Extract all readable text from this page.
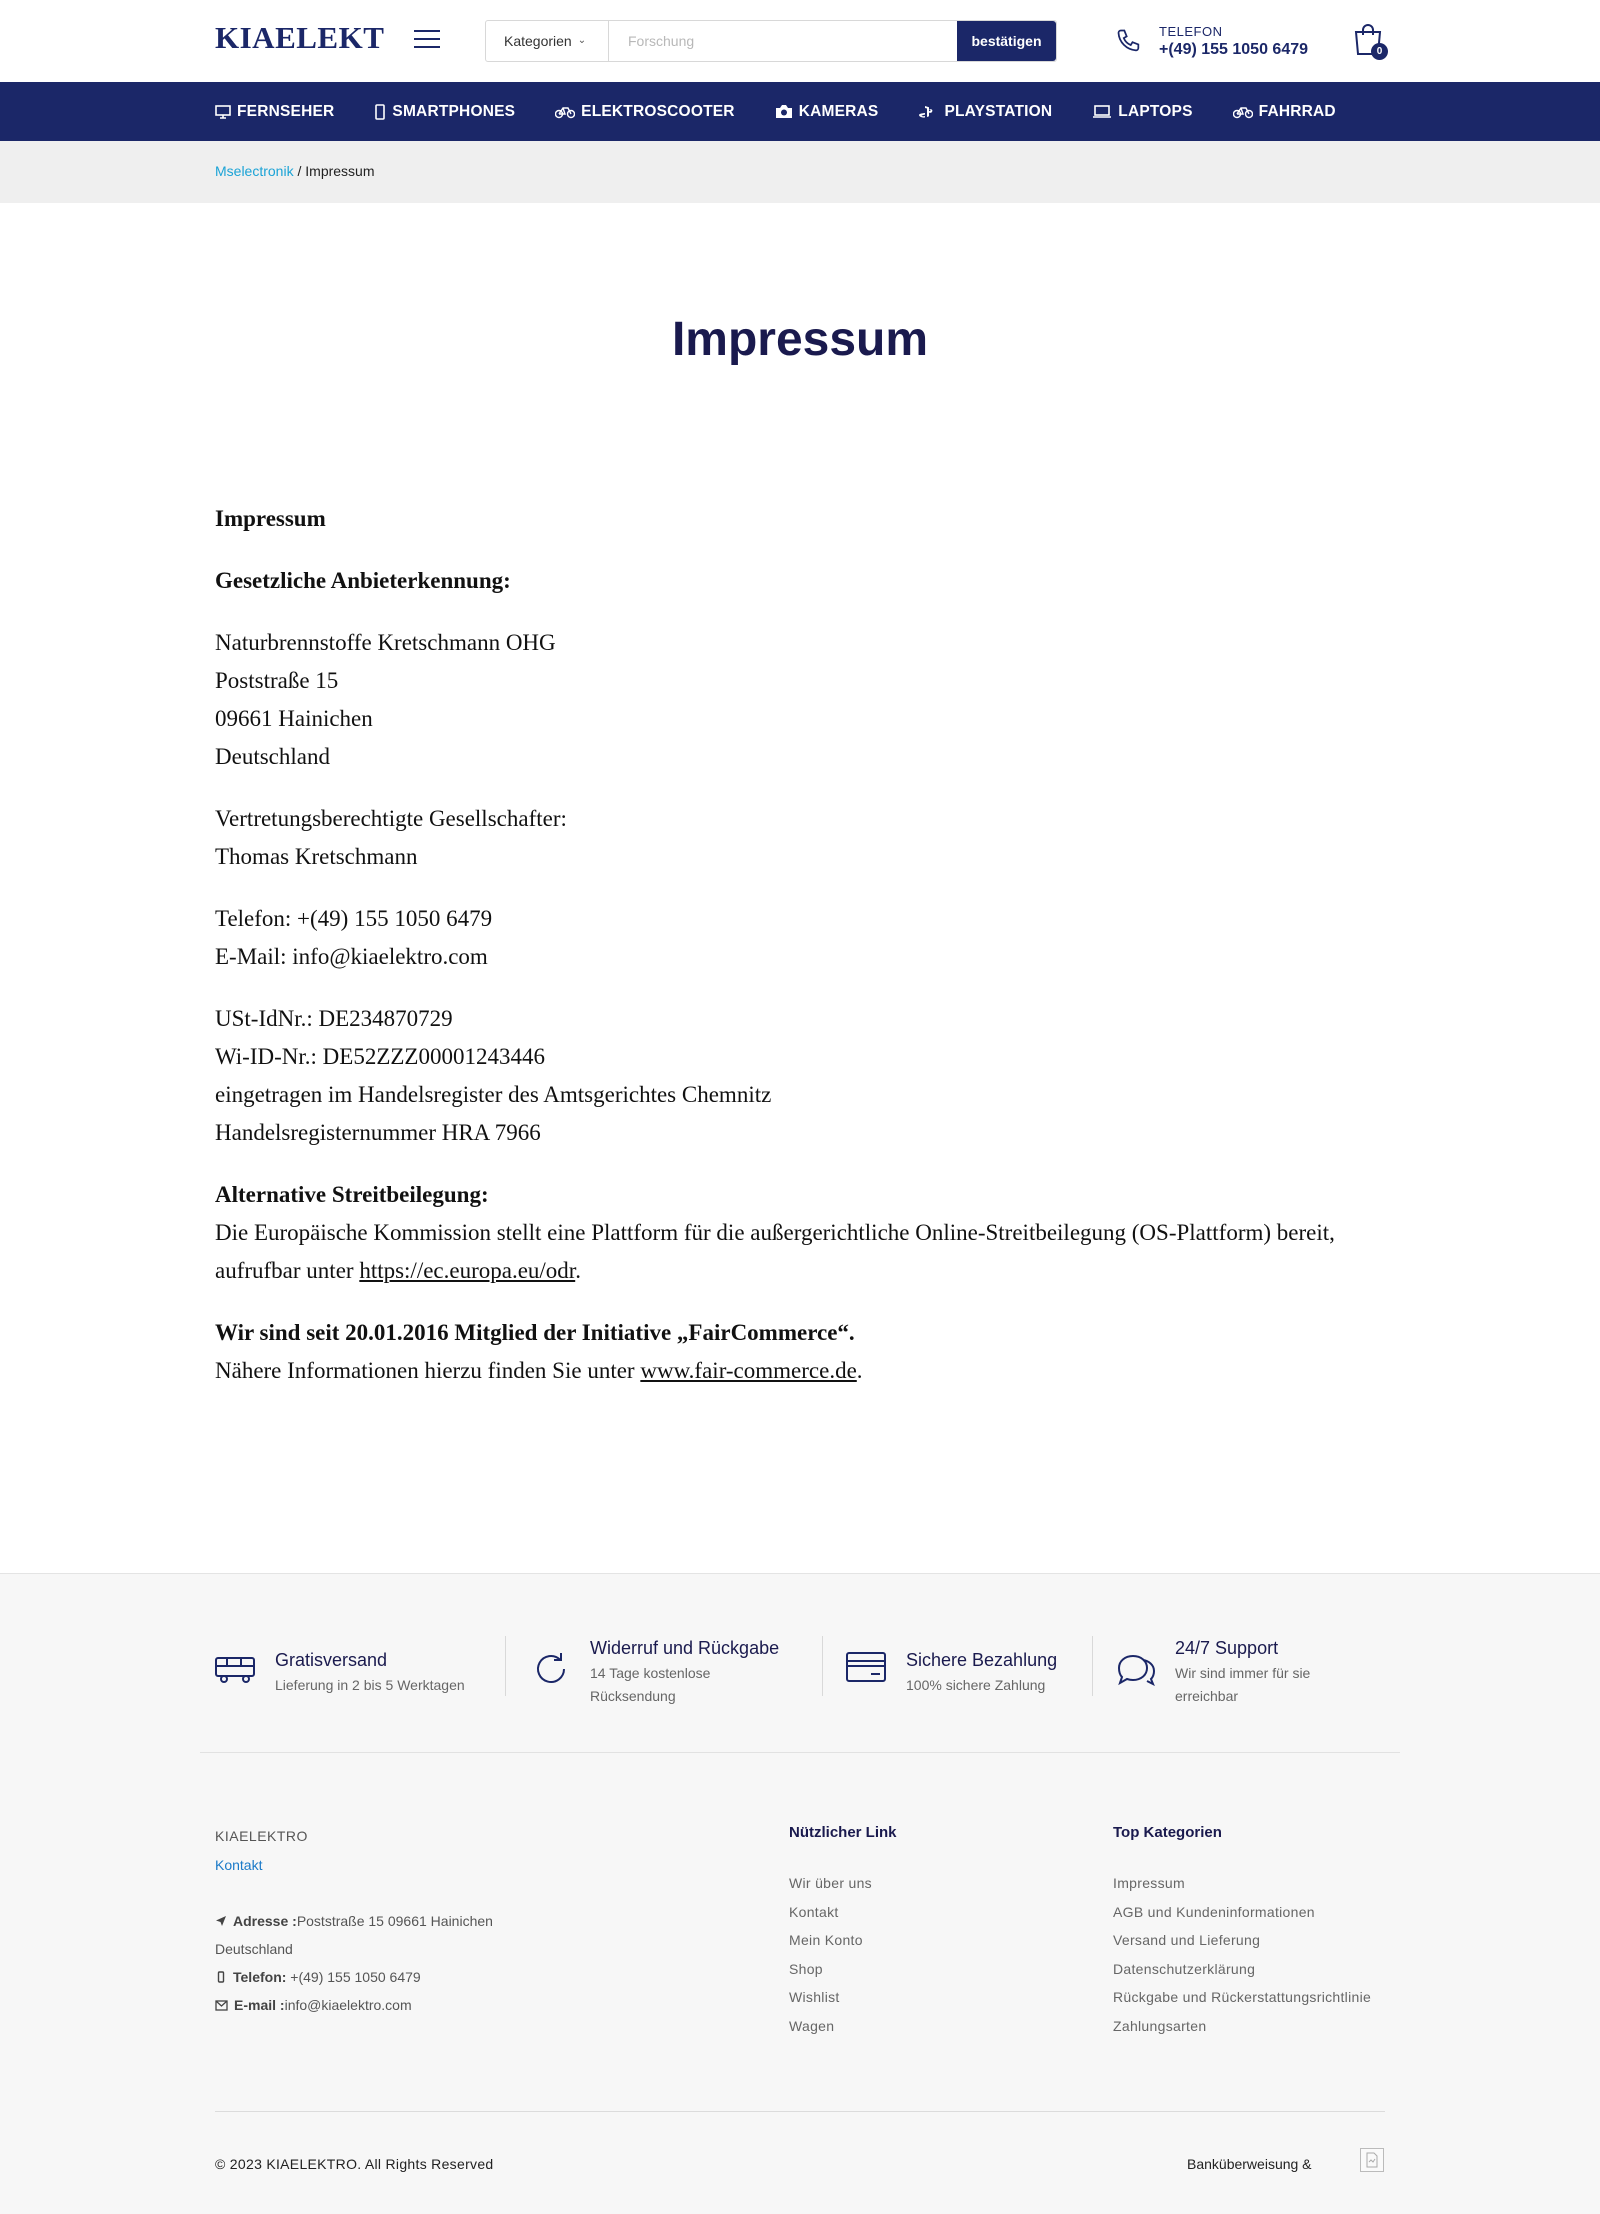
KIAELEKT	Kategorien ⌄
Forschung	bestätigen
TELEFON
+(49) 155 1050 6479	0
FERNSEHER	SMARTPHONES	ELEKTROSCOOTER	KAMERAS	PLAYSTATION	LAPTOPS	FAHRRAD
Mselectronik / Impressum
Impressum

Impressum

Gesetzliche Anbieterkennung:

Naturbrennstoffe Kretschmann OHG
Poststraße 15
09661 Hainichen
Deutschland

Vertretungsberechtigte Gesellschafter:
Thomas Kretschmann

Telefon: +(49) 155 1050 6479
E-Mail: info@kiaelektro.com

USt-IdNr.: DE234870729
Wi-ID-Nr.: DE52ZZZ00001243446
eingetragen im Handelsregister des Amtsgerichtes Chemnitz
Handelsregisternummer HRA 7966

Alternative Streitbeilegung:
Die Europäische Kommission stellt eine Plattform für die außergerichtliche Online-Streitbeilegung (OS-Plattform) bereit,
aufrufbar unter https://ec.europa.eu/odr.

Wir sind seit 20.01.2016 Mitglied der Initiative „FairCommerce“.
Nähere Informationen hierzu finden Sie unter www.fair-commerce.de.

Gratisversand
Lieferung in 2 bis 5 Werktagen
Widerruf und Rückgabe
14 Tage kostenlose
Rücksendung
Sichere Bezahlung
100% sichere Zahlung
24/7 Support
Wir sind immer für sie
erreichbar
KIAELEKTRO
Kontakt
Adresse : Poststraße 15 09661 Hainichen
Deutschland
Telefon: +(49) 155 1050 6479
E-mail : info@kiaelektro.com
Nützlicher Link
Wir über uns
Kontakt
Mein Konto
Shop
Wishlist
Wagen
Top Kategorien
Impressum
AGB und Kundeninformationen
Versand und Lieferung
Datenschutzerklärung
Rückgabe und Rückerstattungsrichtlinie
Zahlungsarten
© 2023 KIAELEKTRO. All Rights Reserved	Banküberweisung &
